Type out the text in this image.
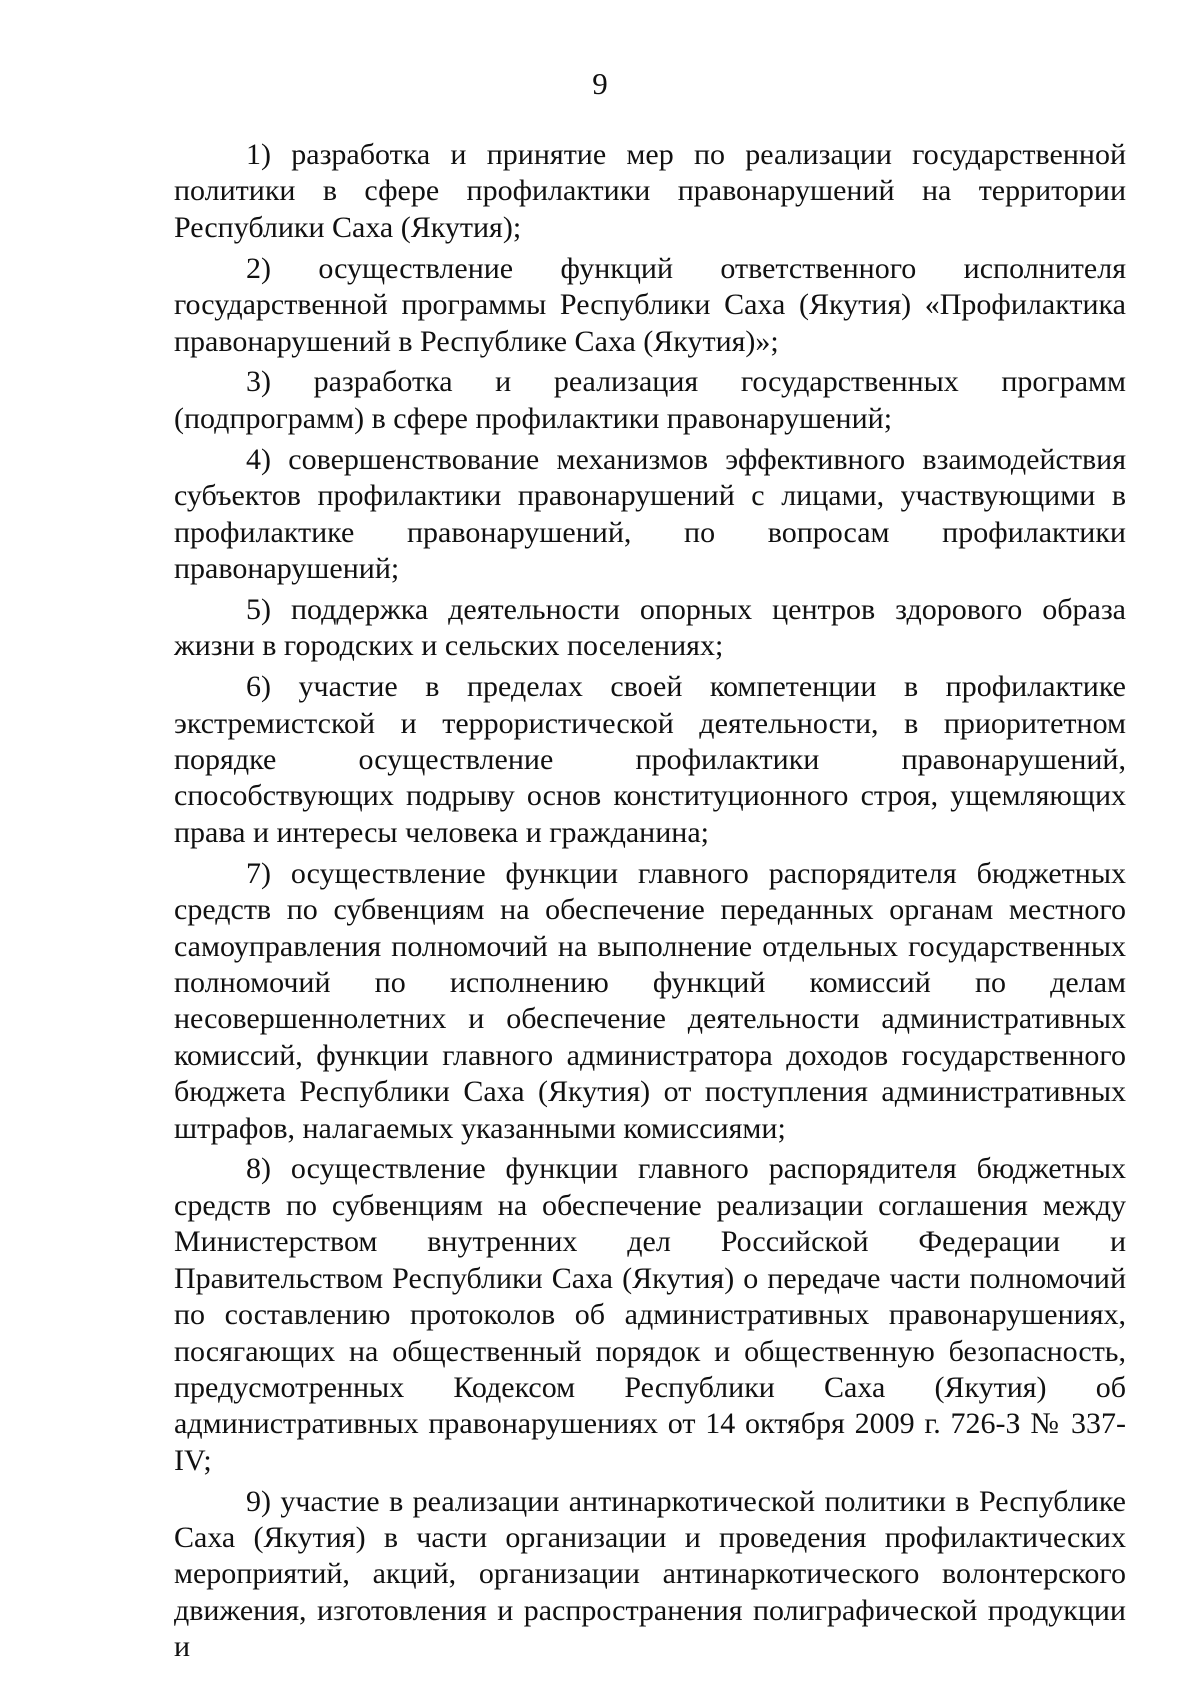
9

1) разработка и принятие мер по реализации государственной политики в сфере профилактики правонарушений на территории Республики Саха (Якутия);

2) осуществление функций ответственного исполнителя государственной программы Республики Саха (Якутия) «Профилактика правонарушений в Республике Саха (Якутия)»;

3) разработка и реализация государственных программ (подпрограмм) в сфере профилактики правонарушений;

4) совершенствование механизмов эффективного взаимодействия субъектов профилактики правонарушений с лицами, участвующими в профилактике правонарушений, по вопросам профилактики правонарушений;

5) поддержка деятельности опорных центров здорового образа жизни в городских и сельских поселениях;

6) участие в пределах своей компетенции в профилактике экстремистской и террористической деятельности, в приоритетном порядке осуществление профилактики правонарушений, способствующих подрыву основ конституционного строя, ущемляющих права и интересы человека и гражданина;

7) осуществление функции главного распорядителя бюджетных средств по субвенциям на обеспечение переданных органам местного самоуправления полномочий на выполнение отдельных государственных полномочий по исполнению функций комиссий по делам несовершеннолетних и обеспечение деятельности административных комиссий, функции главного администратора доходов государственного бюджета Республики Саха (Якутия) от поступления административных штрафов, налагаемых указанными комиссиями;

8) осуществление функции главного распорядителя бюджетных средств по субвенциям на обеспечение реализации соглашения между Министерством внутренних дел Российской Федерации и Правительством Республики Саха (Якутия) о передаче части полномочий по составлению протоколов об административных правонарушениях, посягающих на общественный порядок и общественную безопасность, предусмотренных Кодексом Республики Саха (Якутия) об административных правонарушениях от 14 октября 2009 г. 726-З № 337-IV;

9) участие в реализации антинаркотической политики в Республике Саха (Якутия) в части организации и проведения профилактических мероприятий, акций, организации антинаркотического волонтерского движения, изготовления и распространения полиграфической продукции и
